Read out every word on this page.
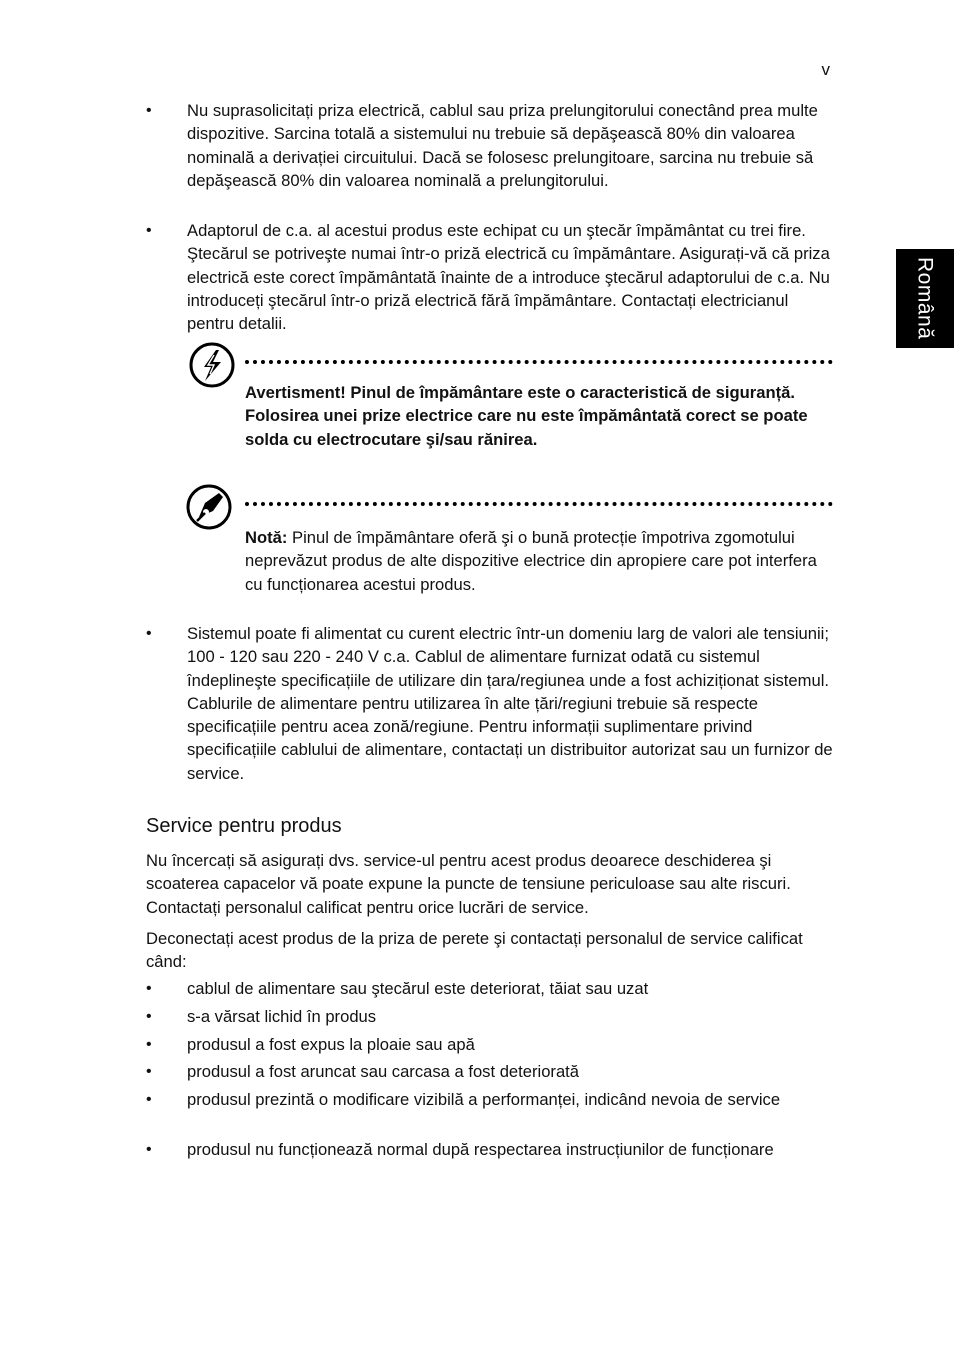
v
Română
•	Nu suprasolicitați priza electrică, cablul sau priza prelungitorului conectând prea multe dispozitive. Sarcina totală a sistemului nu trebuie să depăşească 80% din valoarea nominală a derivației circuitului. Dacă se folosesc prelungitoare, sarcina nu trebuie să depăşească 80% din valoarea nominală a prelungitorului.
•	Adaptorul de c.a. al acestui produs este echipat cu un ştecăr împământat cu trei fire. Ştecărul se potriveşte numai într-o priză electrică cu împământare. Asigurați-vă că priza electrică este corect împământată înainte de a introduce ştecărul adaptorului de c.a. Nu introduceți ştecărul într-o priză electrică fără împământare. Contactați electricianul pentru detalii.
Avertisment! Pinul de împământare este o caracteristică de siguranță. Folosirea unei prize electrice care nu este împământată corect se poate solda cu electrocutare şi/sau rănirea.
Notă: Pinul de împământare oferă şi o bună protecție împotriva zgomotului neprevăzut produs de alte dispozitive electrice din apropiere care pot interfera cu funcționarea acestui produs.
•	Sistemul poate fi alimentat cu curent electric într-un domeniu larg de valori ale tensiunii; 100 - 120 sau 220 - 240 V c.a. Cablul de alimentare furnizat odată cu sistemul îndeplineşte specificațiile de utilizare din țara/regiunea unde a fost achiziționat sistemul. Cablurile de alimentare pentru utilizarea în alte țări/regiuni trebuie să respecte specificațiile pentru acea zonă/regiune. Pentru informații suplimentare privind specificațiile cablului de alimentare, contactați un distribuitor autorizat sau un furnizor de service.
Service pentru produs
Nu încercați să asigurați dvs. service-ul pentru acest produs deoarece deschiderea şi scoaterea capacelor vă poate expune la puncte de tensiune periculoase sau alte riscuri. Contactați personalul calificat pentru orice lucrări de service.
Deconectați acest produs de la priza de perete şi contactați personalul de service calificat când:
•	cablul de alimentare sau ştecărul este deteriorat, tăiat sau uzat
•	s-a vărsat lichid în produs
•	produsul a fost expus la ploaie sau apă
•	produsul a fost aruncat sau carcasa a fost deteriorată
•	produsul prezintă o modificare vizibilă a performanței, indicând nevoia de service
•	produsul nu funcționează normal după respectarea instrucțiunilor de funcționare
